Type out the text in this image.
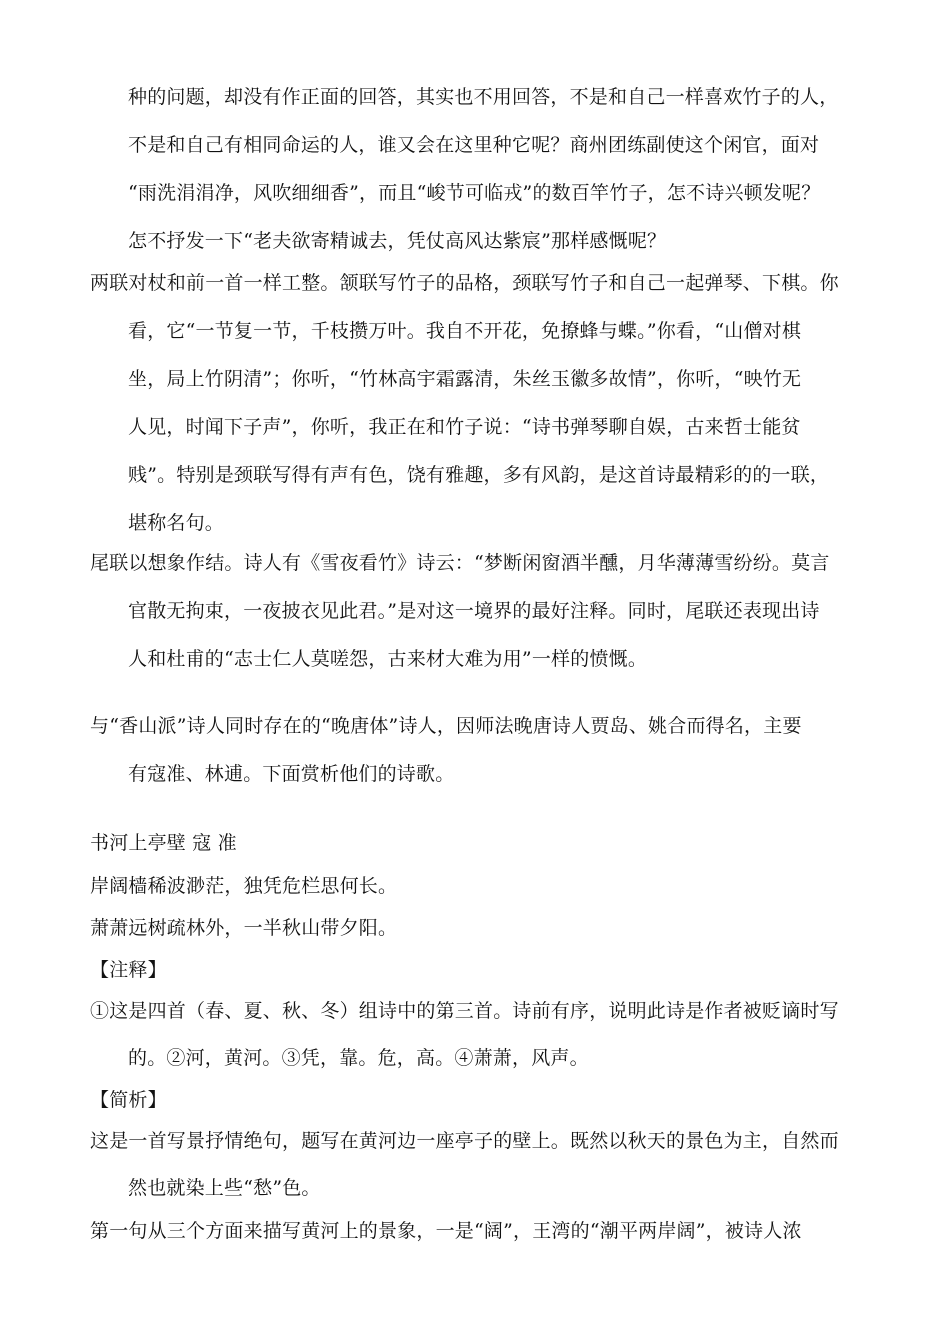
种的问题，却没有作正面的回答，其实也不用回答，不是和自己一样喜欢竹子的人，
不是和自己有相同命运的人，谁又会在这里种它呢？商州团练副使这个闲官，面对
“雨洗涓涓净，风吹细细香”，而且“峻节可临戎”的数百竿竹子，怎不诗兴顿发呢？
怎不抒发一下“老夫欲寄精诚去，凭仗高风达紫宸”那样感慨呢？
两联对杖和前一首一样工整。颔联写竹子的品格，颈联写竹子和自己一起弹琴、下棋。你
看，它“一节复一节，千枝攒万叶。我自不开花，免撩蜂与蝶。”你看，“山僧对棋
坐，局上竹阴清”；你听，“竹林高宇霜露清，朱丝玉徽多故情”，你听，“映竹无
人见，时闻下子声”，你听，我正在和竹子说：“诗书弹琴聊自娱，古来哲士能贫
贱”。特别是颈联写得有声有色，饶有雅趣，多有风韵，是这首诗最精彩的的一联，
堪称名句。
尾联以想象作结。诗人有《雪夜看竹》诗云：“梦断闲窗酒半醺，月华薄薄雪纷纷。莫言
官散无拘束，一夜披衣见此君。”是对这一境界的最好注释。同时，尾联还表现出诗
人和杜甫的“志士仁人莫嗟怨，古来材大难为用”一样的愤慨。
与“香山派”诗人同时存在的“晚唐体”诗人，因师法晚唐诗人贾岛、姚合而得名，主要
有寇准、林逋。下面赏析他们的诗歌。
书河上亭壁 寇 准
岸阔樯稀波渺茫，独凭危栏思何长。
萧萧远树疏林外，一半秋山带夕阳。
【注释】
①这是四首（春、夏、秋、冬）组诗中的第三首。诗前有序，说明此诗是作者被贬谪时写
的。②河，黄河。③凭，靠。危，高。④萧萧，风声。
【简析】
这是一首写景抒情绝句，题写在黄河边一座亭子的壁上。既然以秋天的景色为主，自然而
然也就染上些“愁”色。
第一句从三个方面来描写黄河上的景象，一是“阔”，王湾的“潮平两岸阔”，被诗人浓
